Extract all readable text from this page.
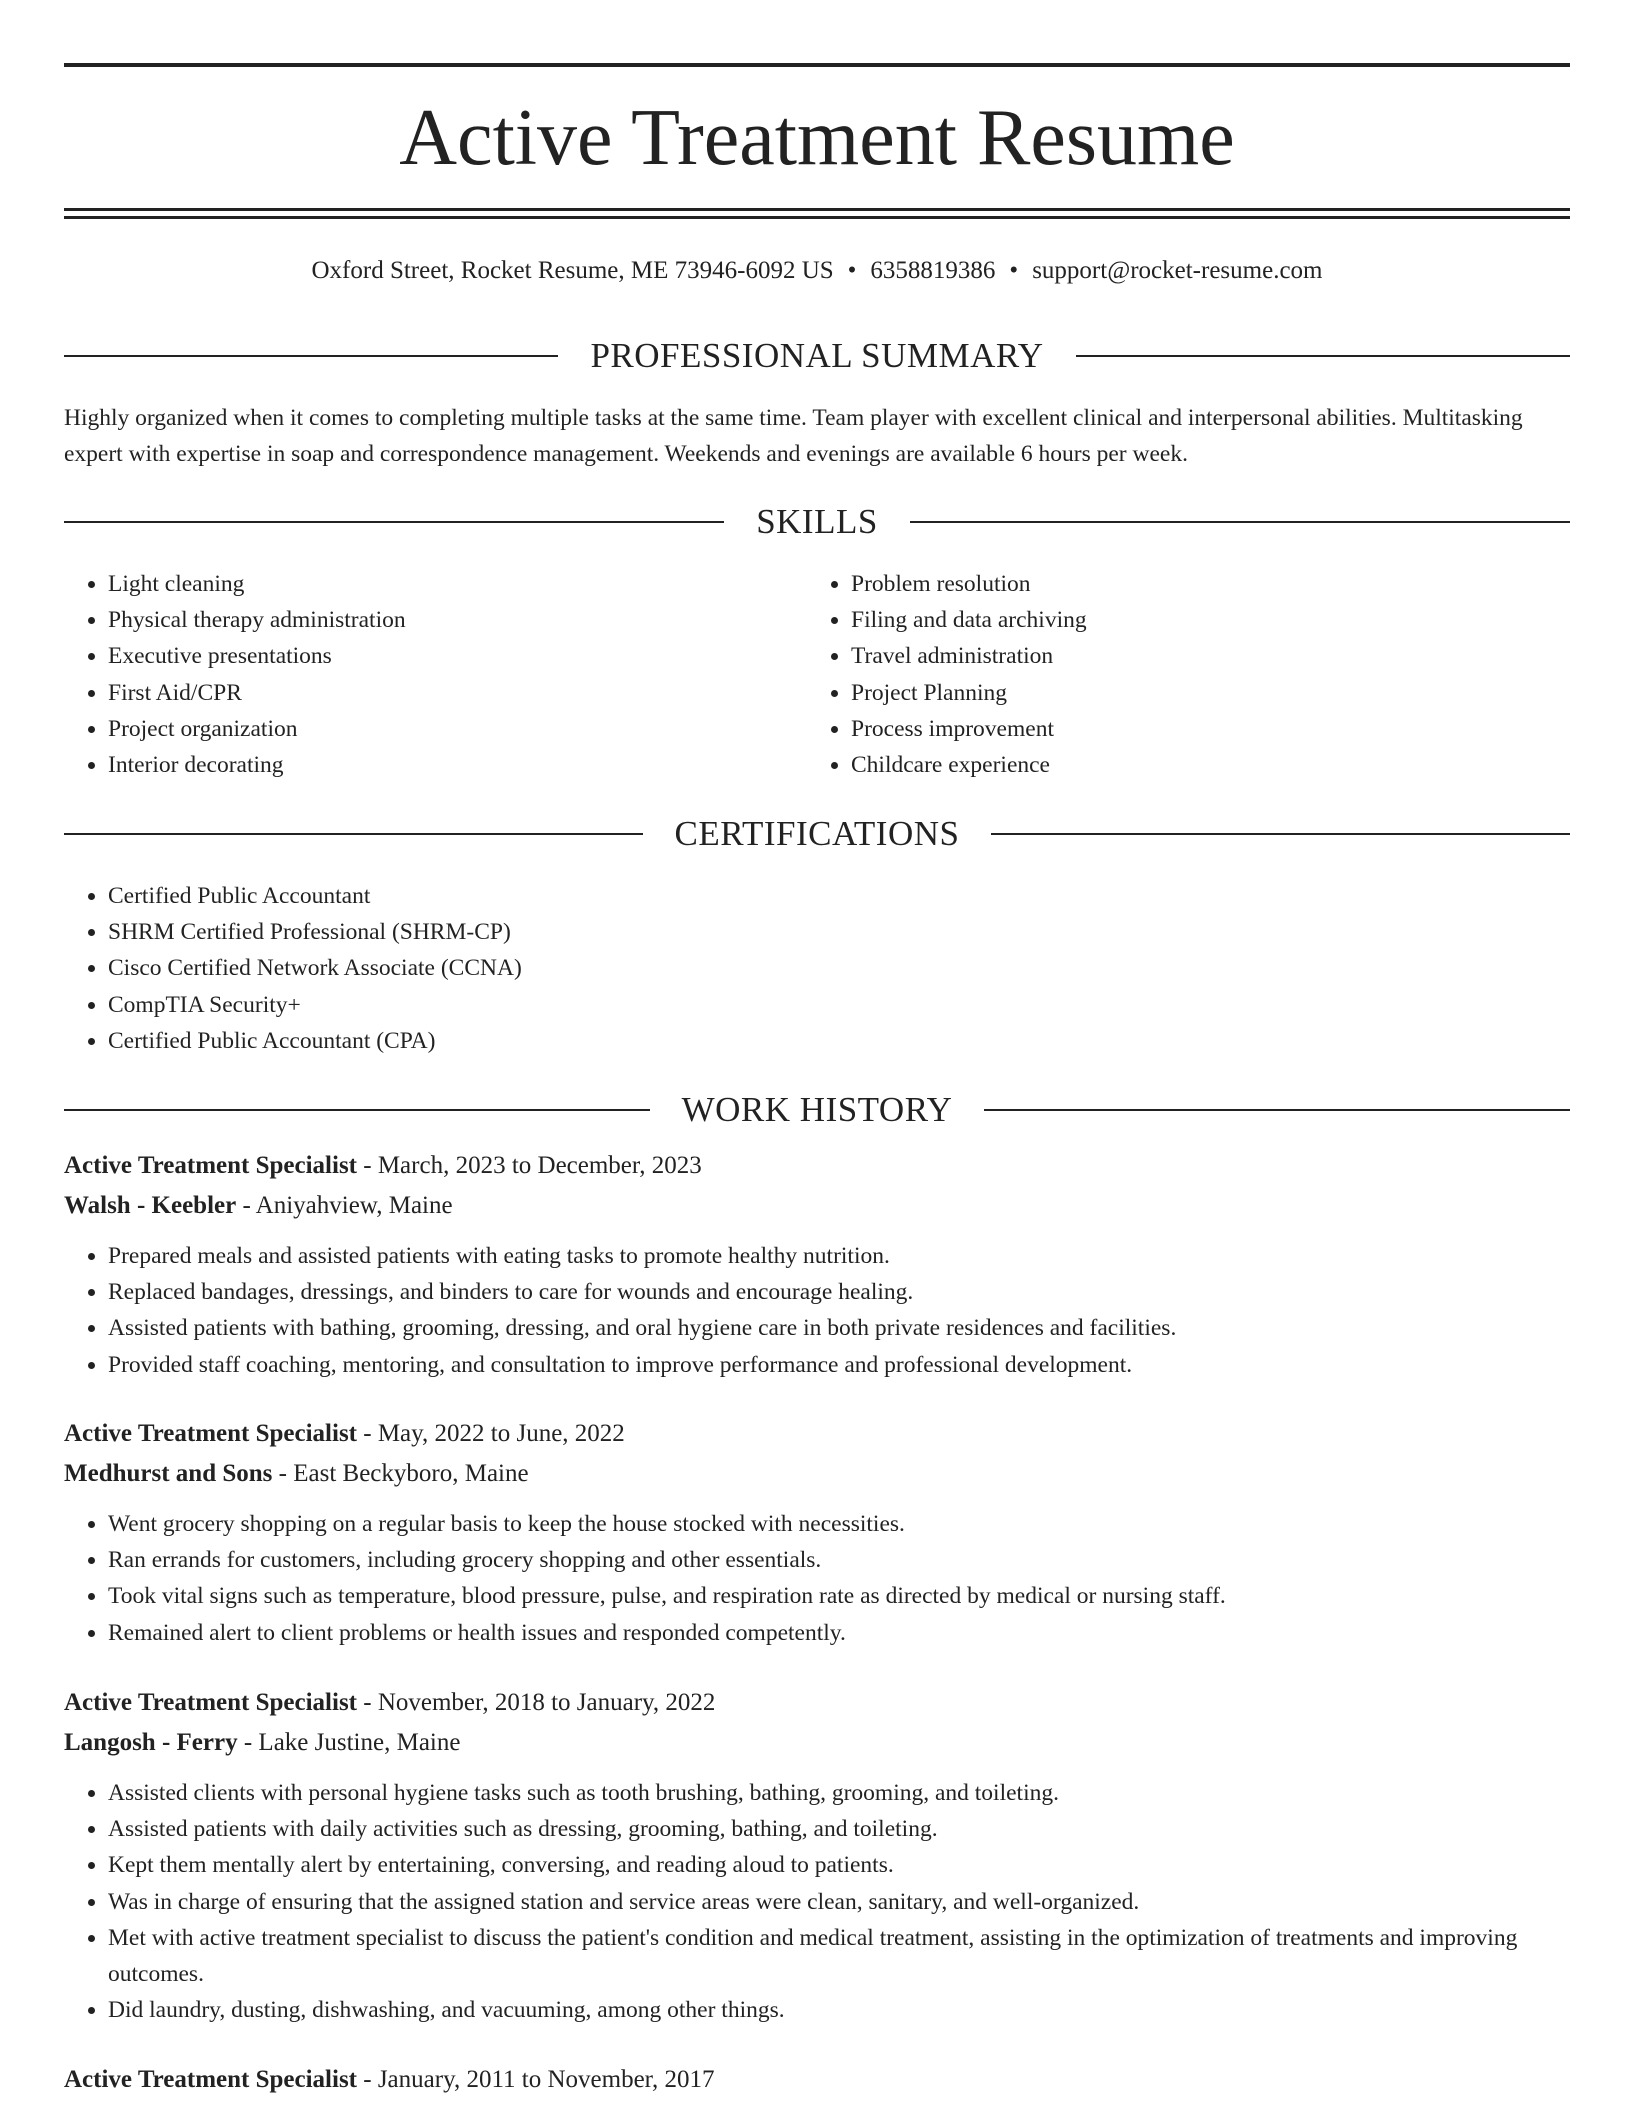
Active Treatment Resume
Oxford Street, Rocket Resume, ME 73946-6092 US • 6358819386 • support@rocket-resume.com
PROFESSIONAL SUMMARY

Highly organized when it comes to completing multiple tasks at the same time. Team player with excellent clinical and interpersonal abilities. Multitasking expert with expertise in soap and correspondence management. Weekends and evenings are available 6 hours per week.

SKILLS
• Light cleaning
• Physical therapy administration
• Executive presentations
• First Aid/CPR
• Project organization
• Interior decorating
• Problem resolution
• Filing and data archiving
• Travel administration
• Project Planning
• Process improvement
• Childcare experience
CERTIFICATIONS
• Certified Public Accountant
• SHRM Certified Professional (SHRM-CP)
• Cisco Certified Network Associate (CCNA)
• CompTIA Security+
• Certified Public Accountant (CPA)
WORK HISTORY
Active Treatment Specialist - March, 2023 to December, 2023
Walsh - Keebler - Aniyahview, Maine
• Prepared meals and assisted patients with eating tasks to promote healthy nutrition.
• Replaced bandages, dressings, and binders to care for wounds and encourage healing.
• Assisted patients with bathing, grooming, dressing, and oral hygiene care in both private residences and facilities.
• Provided staff coaching, mentoring, and consultation to improve performance and professional development.
Active Treatment Specialist - May, 2022 to June, 2022
Medhurst and Sons - East Beckyboro, Maine
• Went grocery shopping on a regular basis to keep the house stocked with necessities.
• Ran errands for customers, including grocery shopping and other essentials.
• Took vital signs such as temperature, blood pressure, pulse, and respiration rate as directed by medical or nursing staff.
• Remained alert to client problems or health issues and responded competently.
Active Treatment Specialist - November, 2018 to January, 2022
Langosh - Ferry - Lake Justine, Maine
• Assisted clients with personal hygiene tasks such as tooth brushing, bathing, grooming, and toileting.
• Assisted patients with daily activities such as dressing, grooming, bathing, and toileting.
• Kept them mentally alert by entertaining, conversing, and reading aloud to patients.
• Was in charge of ensuring that the assigned station and service areas were clean, sanitary, and well-organized.
• Met with active treatment specialist to discuss the patient's condition and medical treatment, assisting in the optimization of treatments and improving outcomes.
• Did laundry, dusting, dishwashing, and vacuuming, among other things.
Active Treatment Specialist - January, 2011 to November, 2017
